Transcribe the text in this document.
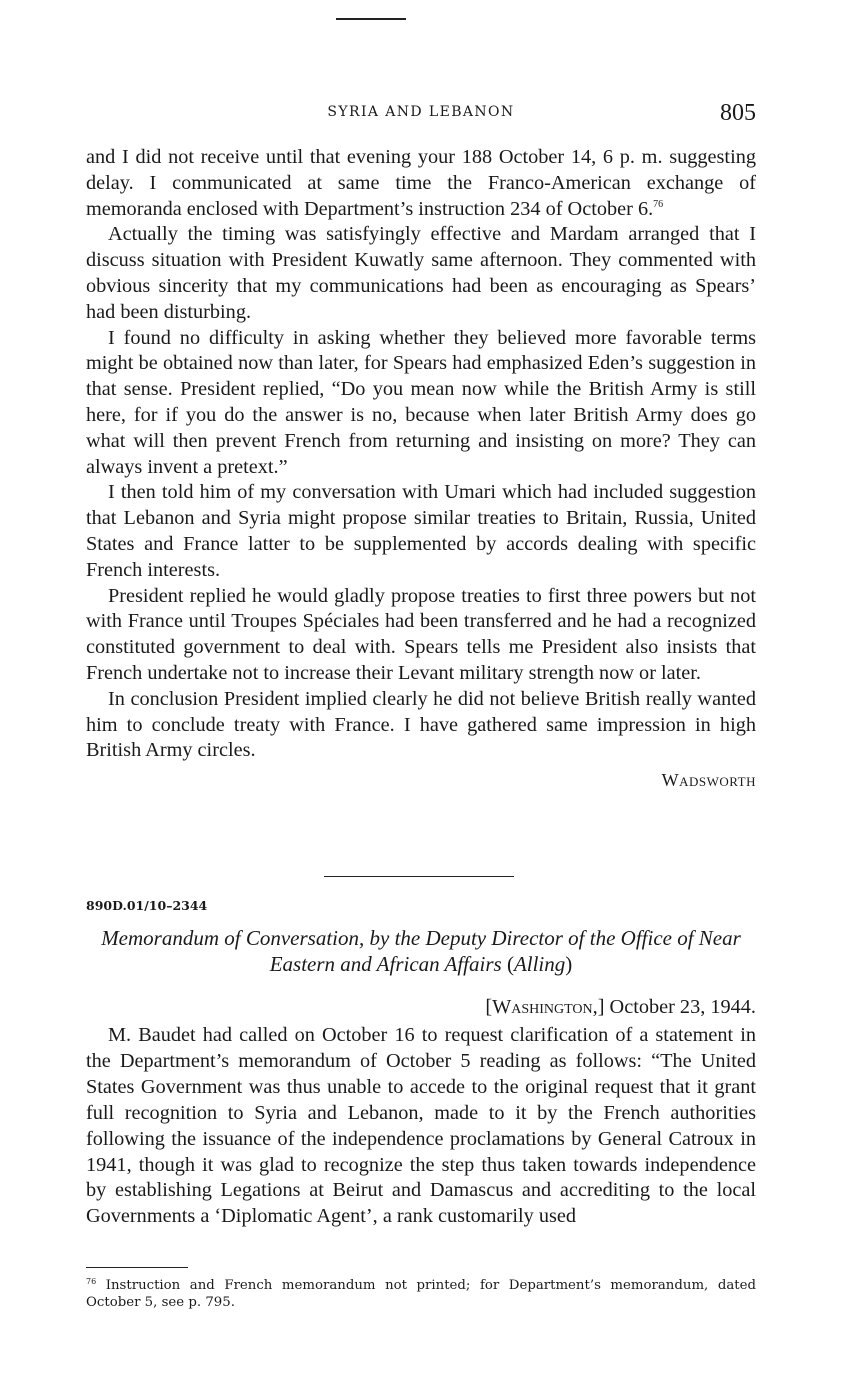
SYRIA AND LEBANON	805

and I did not receive until that evening your 188 October 14, 6 p. m. suggesting delay. I communicated at same time the Franco-American exchange of memoranda enclosed with Department’s instruction 234 of October 6.76

Actually the timing was satisfyingly effective and Mardam arranged that I discuss situation with President Kuwatly same afternoon. They commented with obvious sincerity that my communications had been as encouraging as Spears’ had been disturbing.

I found no difficulty in asking whether they believed more favorable terms might be obtained now than later, for Spears had emphasized Eden’s suggestion in that sense. President replied, “Do you mean now while the British Army is still here, for if you do the answer is no, because when later British Army does go what will then prevent French from returning and insisting on more? They can always invent a pretext.”

I then told him of my conversation with Umari which had included suggestion that Lebanon and Syria might propose similar treaties to Britain, Russia, United States and France latter to be supplemented by accords dealing with specific French interests.

President replied he would gladly propose treaties to first three powers but not with France until Troupes Spéciales had been transferred and he had a recognized constituted government to deal with. Spears tells me President also insists that French undertake not to increase their Levant military strength now or later.

In conclusion President implied clearly he did not believe British really wanted him to conclude treaty with France. I have gathered same impression in high British Army circles.

Wadsworth

890D.01/10–2344
Memorandum of Conversation, by the Deputy Director of the Office of Near Eastern and African Affairs (Alling)
[Washington,] October 23, 1944.

M. Baudet had called on October 16 to request clarification of a statement in the Department’s memorandum of October 5 reading as follows: “The United States Government was thus unable to accede to the original request that it grant full recognition to Syria and Lebanon, made to it by the French authorities following the issuance of the independence proclamations by General Catroux in 1941, though it was glad to recognize the step thus taken towards independence by establishing Legations at Beirut and Damascus and accrediting to the local Governments a ‘Diplomatic Agent’, a rank customarily used

$^{76}$ Instruction and French memorandum not printed; for Department’s memorandum, dated October 5, see p. 795.
